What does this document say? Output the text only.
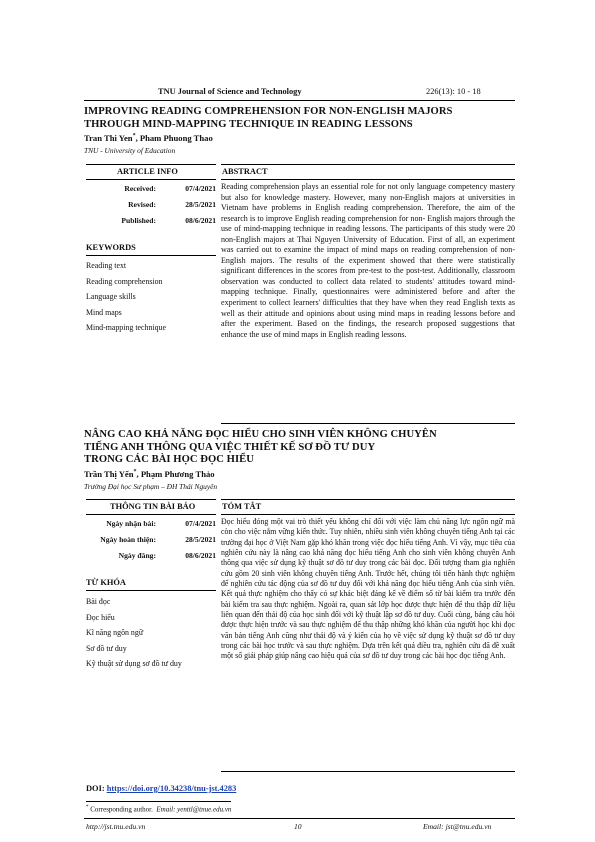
TNU Journal of Science and Technology	226(13): 10 - 18
IMPROVING READING COMPREHENSION FOR NON-ENGLISH MAJORS
THROUGH MIND-MAPPING TECHNIQUE IN READING LESSONS
Tran Thi Yen*, Pham Phuong Thao
TNU - University of Education
ARTICLE INFO	ABSTRACT
Received:	07/4/2021
Revised:	28/5/2021
Published:	08/6/2021
KEYWORDS
Reading text
Reading comprehension
Language skills
Mind maps
Mind-mapping technique
Reading comprehension plays an essential role for not only language competency mastery but also for knowledge mastery. However, many non-English majors at universities in Vietnam have problems in English reading comprehension. Therefore, the aim of the research is to improve English reading comprehension for non- English majors through the use of mind-mapping technique in reading lessons. The participants of this study were 20 non-English majors at Thai Nguyen University of Education. First of all, an experiment was carried out to examine the impact of mind maps on reading comprehension of non-English majors. The results of the experiment showed that there were statistically significant differences in the scores from pre-test to the post-test. Additionally, classroom observation was conducted to collect data related to students' attitudes toward mind-mapping technique. Finally, questionnaires were administered before and after the experiment to collect learners' difficulties that they have when they read English texts as well as their attitude and opinions about using mind maps in reading lessons before and after the experiment. Based on the findings, the research proposed suggestions that enhance the use of mind maps in English reading lessons.
NÂNG CAO KHẢ NĂNG ĐỌC HIỂU CHO SINH VIÊN KHÔNG CHUYÊN
TIẾNG ANH THÔNG QUA VIỆC THIẾT KẾ SƠ ĐỒ TƯ DUY
TRONG CÁC BÀI HỌC ĐỌC HIỂU
Trần Thị Yến*, Phạm Phương Thảo
Trường Đại học Sư phạm – ĐH Thái Nguyên
THÔNG TIN BÀI BÁO	TÓM TẮT
Ngày nhận bài:	07/4/2021
Ngày hoàn thiện:	28/5/2021
Ngày đăng:	08/6/2021
TỪ KHÓA
Bài đọc
Đọc hiểu
Kĩ năng ngôn ngữ
Sơ đồ tư duy
Kỹ thuật sử dụng sơ đồ tư duy
Đọc hiểu đóng một vai trò thiết yếu không chỉ đối với việc làm chủ năng lực ngôn ngữ mà còn cho việc nắm vững kiến thức. Tuy nhiên, nhiều sinh viên không chuyên tiếng Anh tại các trường đại học ở Việt Nam gặp khó khăn trong việc đọc hiểu tiếng Anh. Vì vậy, mục tiêu của nghiên cứu này là nâng cao khả năng đọc hiểu tiếng Anh cho sinh viên không chuyên Anh thông qua việc sử dụng kỹ thuật sơ đồ tư duy trong các bài đọc. Đối tượng tham gia nghiên cứu gồm 20 sinh viên không chuyên tiếng Anh. Trước hết, chúng tôi tiến hành thực nghiệm để nghiên cứu tác động của sơ đồ tư duy đối với khả năng đọc hiểu tiếng Anh của sinh viên. Kết quả thực nghiệm cho thấy có sự khác biệt đáng kể về điểm số từ bài kiểm tra trước đến bài kiểm tra sau thực nghiệm. Ngoài ra, quan sát lớp học được thực hiện để thu thập dữ liệu liên quan đến thái độ của học sinh đối với kỹ thuật lập sơ đồ tư duy. Cuối cùng, bảng câu hỏi được thực hiện trước và sau thực nghiệm để thu thập những khó khăn của người học khi đọc văn bản tiếng Anh cũng như thái độ và ý kiến của họ về việc sử dụng kỹ thuật sơ đồ tư duy trong các bài học trước và sau thực nghiệm. Dựa trên kết quả điều tra, nghiên cứu đã đề xuất một số giải pháp giúp nâng cao hiệu quả của sơ đồ tư duy trong các bài học đọc tiếng Anh.
DOI: https://doi.org/10.34238/tnu-jst.4283
* Corresponding author. Email: yenttl@tnue.edu.vn
http://jst.tnu.edu.vn	10	Email: jst@tnu.edu.vn
